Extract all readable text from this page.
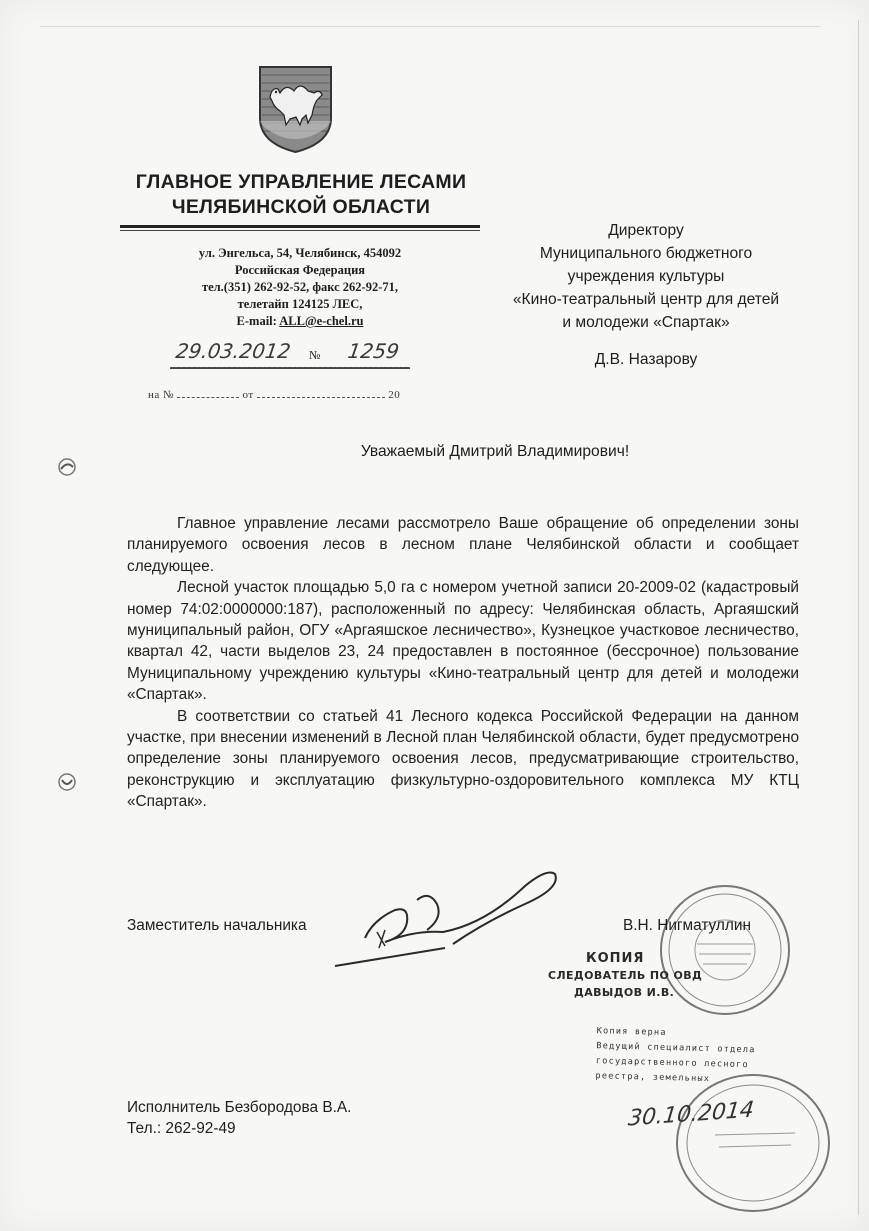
ГЛАВНОЕ УПРАВЛЕНИЕ ЛЕСАМИ
ЧЕЛЯБИНСКОЙ ОБЛАСТИ
ул. Энгельса, 54, Челябинск, 454092
Российская Федерация
тел.(351) 262-92-52, факс 262-92-71,
телетайп 124125 ЛЕС,
E-mail: ALL@e-chel.ru
29.03.2012 № 1259
на №	от	20
Директору
Муниципального бюджетного
учреждения культуры
«Кино-театральный центр для детей
и молодежи «Спартак»
Д.В. Назарову
Уважаемый Дмитрий Владимирович!

Главное управление лесами рассмотрело Ваше обращение об определении зоны планируемого освоения лесов в лесном плане Челябинской области и сообщает следующее.

Лесной участок площадью 5,0 га с номером учетной записи 20-2009-02 (кадастровый номер 74:02:0000000:187), расположенный по адресу: Челябинская область, Аргаяшский муниципальный район, ОГУ «Аргаяшское лесничество», Кузнецкое участковое лесничество, квартал 42, части выделов 23, 24 предоставлен в постоянное (бессрочное) пользование Муниципальному учреждению культуры «Кино-театральный центр для детей и молодежи «Спартак».

В соответствии со статьей 41 Лесного кодекса Российской Федерации на данном участке, при внесении изменений в Лесной план Челябинской области, будет предусмотрено определение зоны планируемого освоения лесов, предусматривающие строительство, реконструкцию и эксплуатацию физкультурно-оздоровительного комплекса МУ КТЦ «Спартак».

Заместитель начальника	В.Н. Нигматуллин
КОПИЯ
СЛЕДОВАТЕЛЬ ПО ОВД
ДАВЫДОВ И.В.
Копия верна
Ведущий специалист отдела
государственного лесного
реестра, земельных
30.10.2014
Исполнитель Безбородова В.А.
Тел.: 262-92-49
